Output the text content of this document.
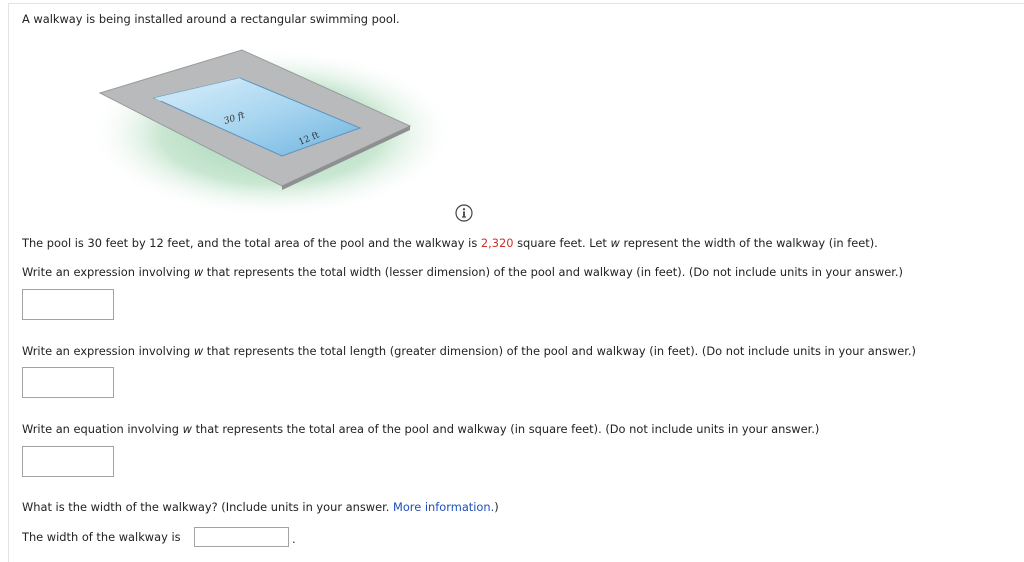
A walkway is being installed around a rectangular swimming pool.
30 ft
12 ft
The pool is 30 feet by 12 feet, and the total area of the pool and the walkway is 2,320 square feet. Let w represent the width of the walkway (in feet).
Write an expression involving w that represents the total width (lesser dimension) of the pool and walkway (in feet). (Do not include units in your answer.)
Write an expression involving w that represents the total length (greater dimension) of the pool and walkway (in feet). (Do not include units in your answer.)
Write an equation involving w that represents the total area of the pool and walkway (in square feet). (Do not include units in your answer.)
What is the width of the walkway? (Include units in your answer. More information.)
The width of the walkway is	.
